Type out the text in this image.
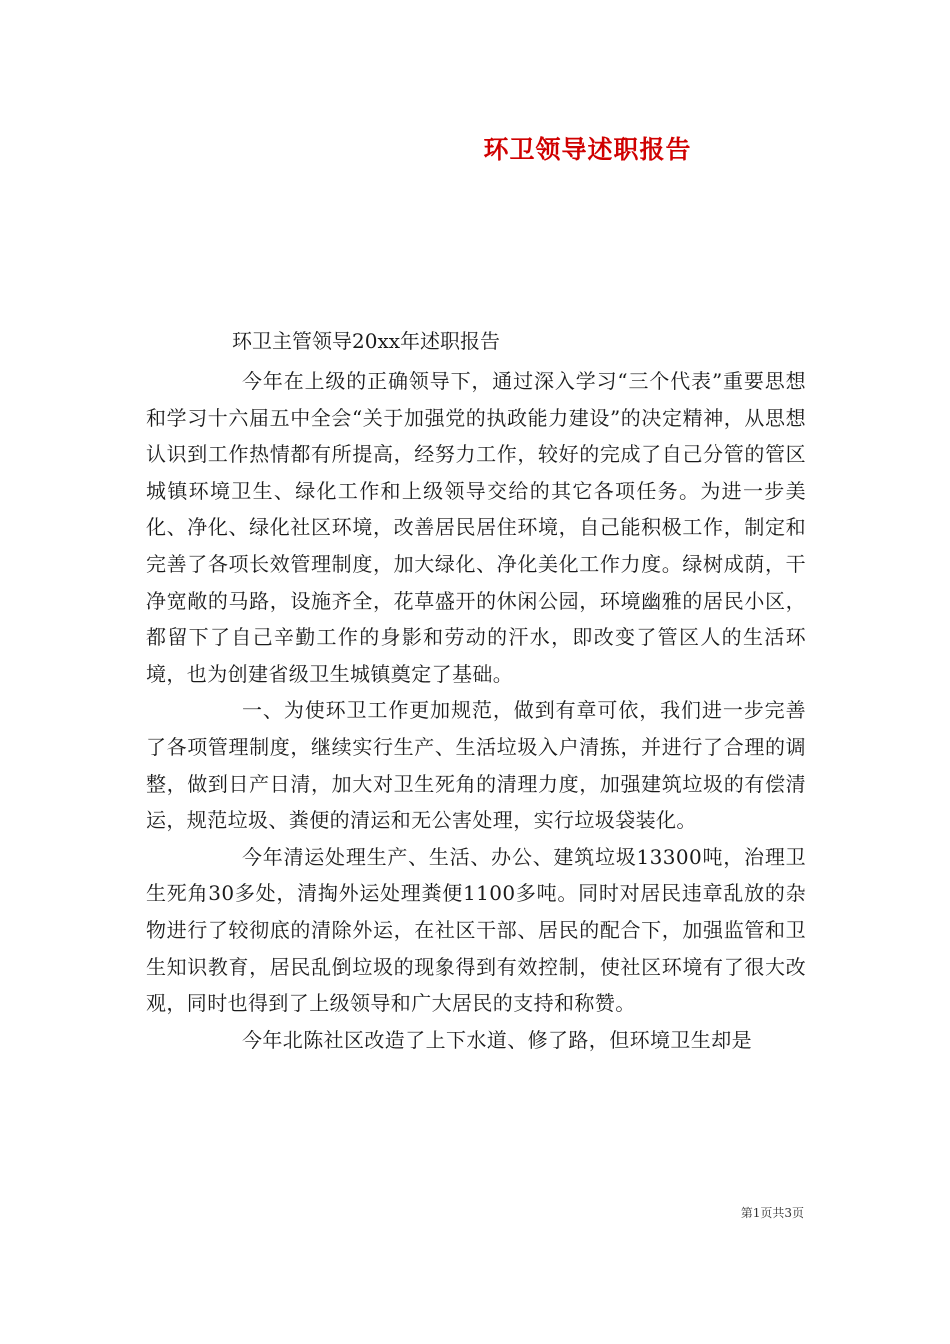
环卫领导述职报告

环卫主管领导20xx年述职报告

今年在上级的正确领导下，通过深入学习“三个代表”重要思想和学习十六届五中全会“关于加强党的执政能力建设”的决定精神，从思想认识到工作热情都有所提高，经努力工作，较好的完成了自己分管的管区城镇环境卫生、绿化工作和上级领导交给的其它各项任务。为进一步美化、净化、绿化社区环境，改善居民居住环境，自己能积极工作，制定和完善了各项长效管理制度，加大绿化、净化美化工作力度。绿树成荫，干净宽敞的马路，设施齐全，花草盛开的休闲公园，环境幽雅的居民小区，都留下了自己辛勤工作的身影和劳动的汗水，即改变了管区人的生活环境，也为创建省级卫生城镇奠定了基础。

一、为使环卫工作更加规范，做到有章可依，我们进一步完善了各项管理制度，继续实行生产、生活垃圾入户清拣，并进行了合理的调整，做到日产日清，加大对卫生死角的清理力度，加强建筑垃圾的有偿清运，规范垃圾、粪便的清运和无公害处理，实行垃圾袋装化。

今年清运处理生产、生活、办公、建筑垃圾13300吨，治理卫生死角30多处，清掏外运处理粪便1100多吨。同时对居民违章乱放的杂物进行了较彻底的清除外运，在社区干部、居民的配合下，加强监管和卫生知识教育，居民乱倒垃圾的现象得到有效控制，使社区环境有了很大改观，同时也得到了上级领导和广大居民的支持和称赞。

今年北陈社区改造了上下水道、修了路，但环境卫生却是

第1页共3页
